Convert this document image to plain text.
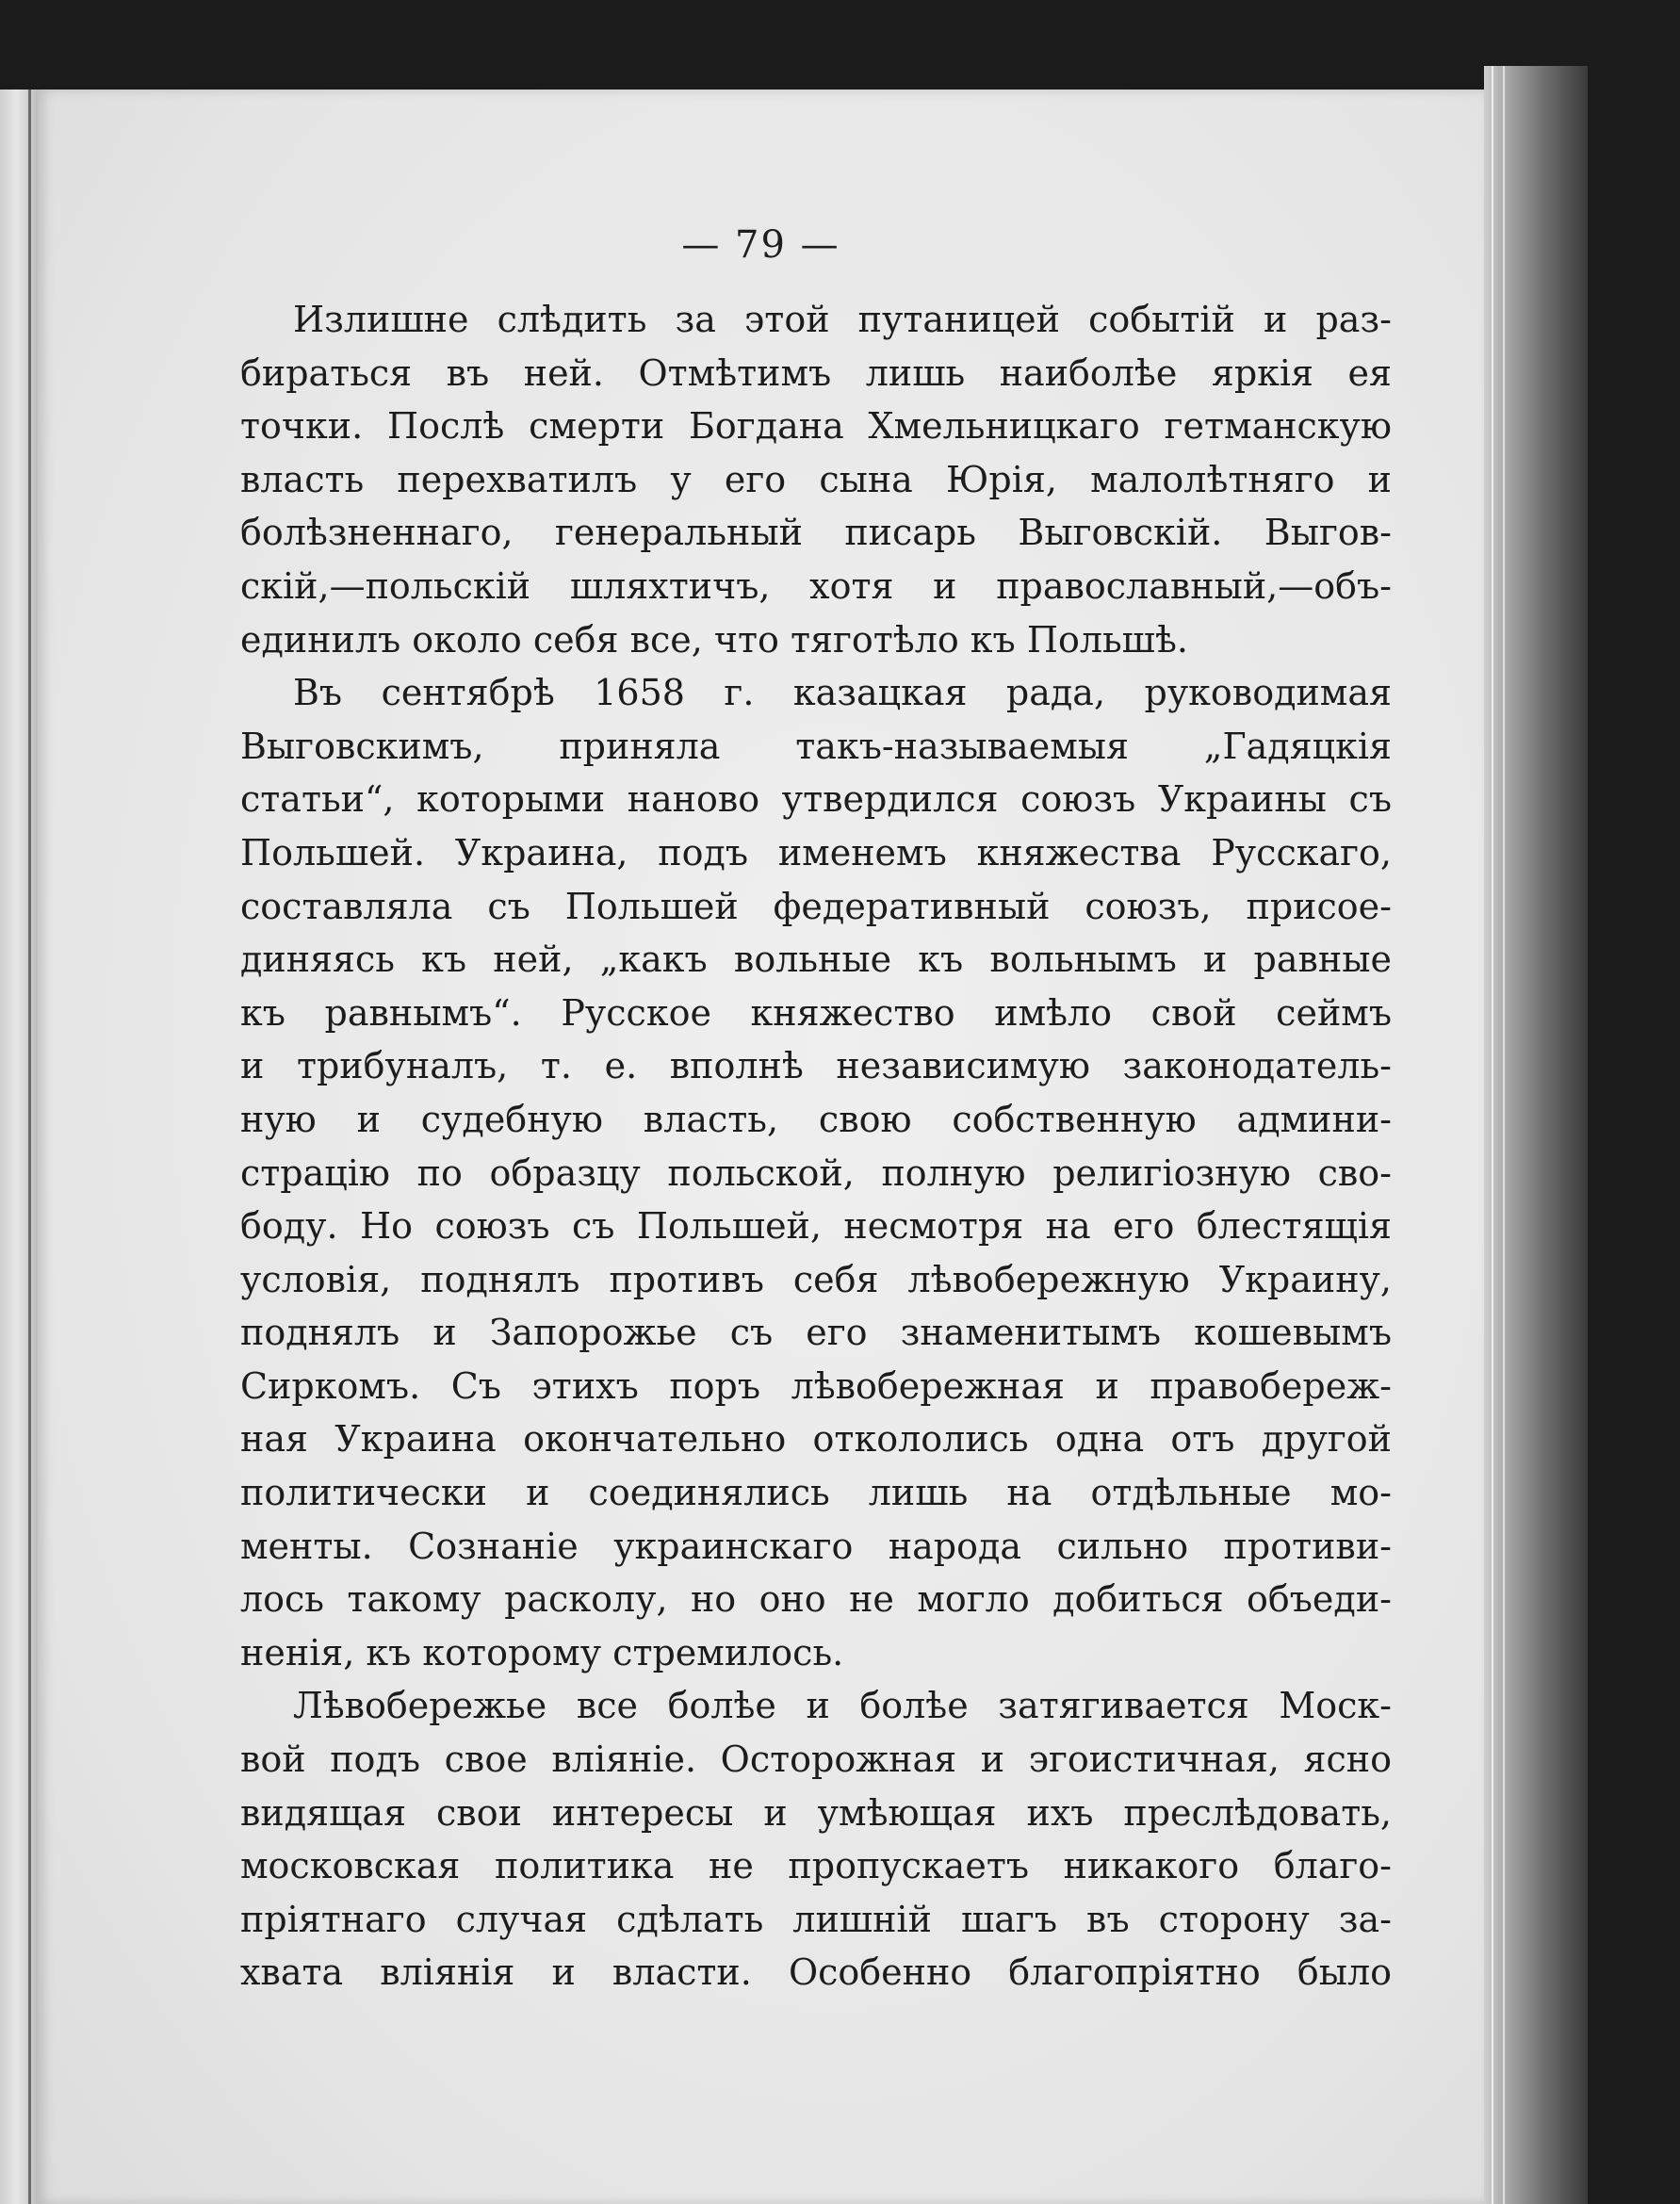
— 79 —
Излишне слѣдить за этой путаницей событій и раз-
бираться въ ней. Отмѣтимъ лишь наиболѣе яркія ея
точки. Послѣ смерти Богдана Хмельницкаго гетманскую
власть перехватилъ у его сына Юрія, малолѣтняго и
болѣзненнаго, генеральный писарь Выговскій. Выгов-
скій,—польскій шляхтичъ, хотя и православный,—объ-
единилъ около себя все, что тяготѣло къ Польшѣ.
Въ сентябрѣ 1658 г. казацкая рада, руководимая
Выговскимъ, приняла такъ-называемыя „Гадяцкія
статьи“, которыми наново утвердился союзъ Украины съ
Польшей. Украина, подъ именемъ княжества Русскаго,
составляла съ Польшей федеративный союзъ, присое-
диняясь къ ней, „какъ вольные къ вольнымъ и равные
къ равнымъ“. Русское княжество имѣло свой сеймъ
и трибуналъ, т. е. вполнѣ независимую законодатель-
ную и судебную власть, свою собственную админи-
страцію по образцу польской, полную религіозную сво-
боду. Но союзъ съ Польшей, несмотря на его блестящія
условія, поднялъ противъ себя лѣвобережную Украину,
поднялъ и Запорожье съ его знаменитымъ кошевымъ
Сиркомъ. Съ этихъ поръ лѣвобережная и правобереж-
ная Украина окончательно откололись одна отъ другой
политически и соединялись лишь на отдѣльные мо-
менты. Сознаніе украинскаго народа сильно противи-
лось такому расколу, но оно не могло добиться объеди-
ненія, къ которому стремилось.
Лѣвобережье все болѣе и болѣе затягивается Моск-
вой подъ свое вліяніе. Осторожная и эгоистичная, ясно
видящая свои интересы и умѣющая ихъ преслѣдовать,
московская политика не пропускаетъ никакого благо-
пріятнаго случая сдѣлать лишній шагъ въ сторону за-
хвата вліянія и власти. Особенно благопріятно было
